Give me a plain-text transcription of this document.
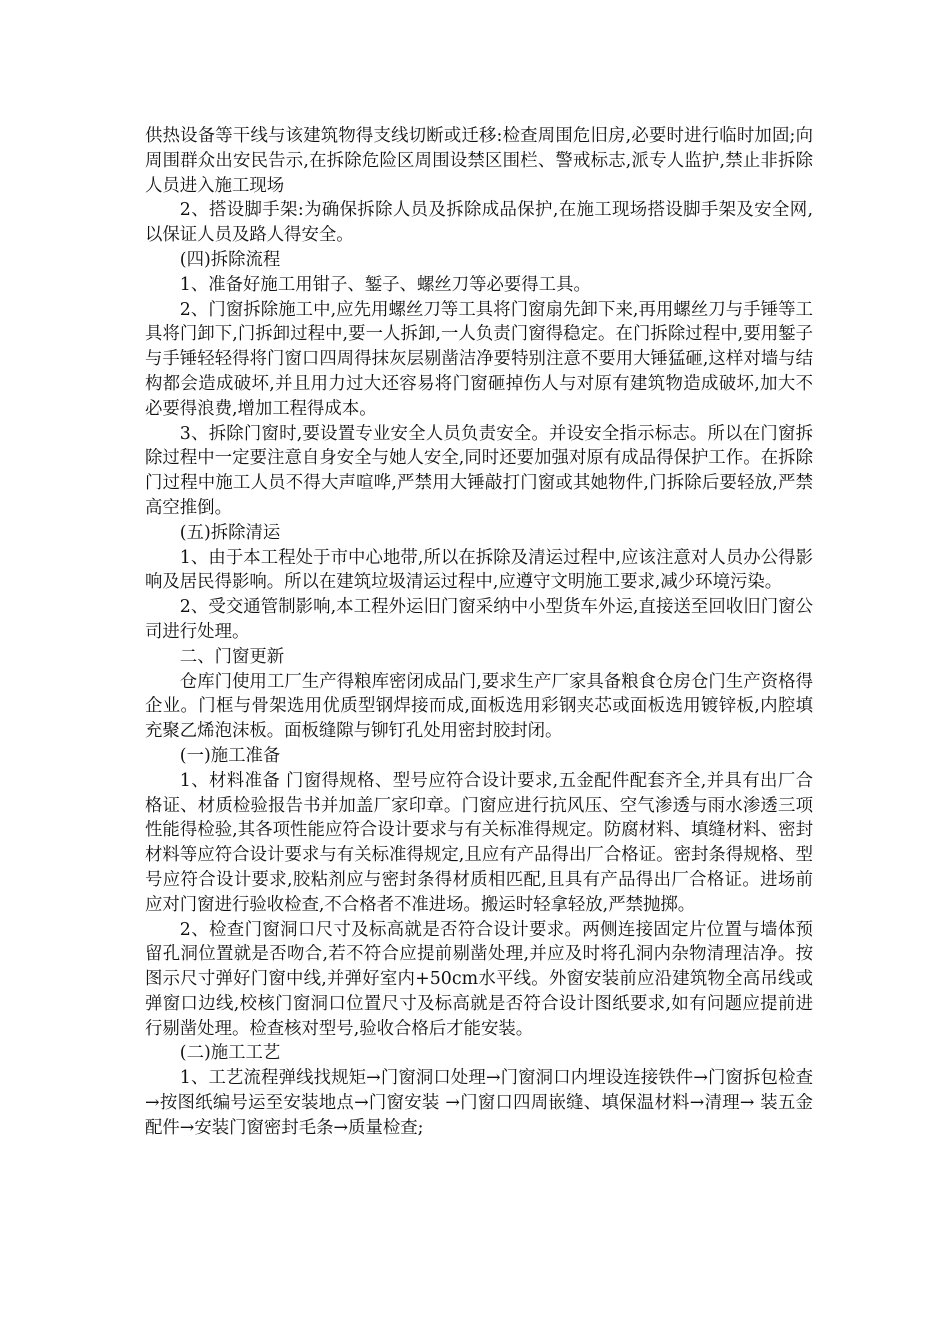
供热设备等干线与该建筑物得支线切断或迁移:检查周围危旧房,必要时进行临时加固;向周围群众出安民告示,在拆除危险区周围设禁区围栏、警戒标志,派专人监护,禁止非拆除人员进入施工现场

2、搭设脚手架:为确保拆除人员及拆除成品保护,在施工现场搭设脚手架及安全网,以保证人员及路人得安全。

(四)拆除流程

1、准备好施工用钳子、錾子、螺丝刀等必要得工具。

2、门窗拆除施工中,应先用螺丝刀等工具将门窗扇先卸下来,再用螺丝刀与手锤等工具将门卸下,门拆卸过程中,要一人拆卸,一人负责门窗得稳定。在门拆除过程中,要用錾子与手锤轻轻得将门窗口四周得抹灰层剔凿洁净要特别注意不要用大锤猛砸,这样对墙与结构都会造成破坏,并且用力过大还容易将门窗砸掉伤人与对原有建筑物造成破坏,加大不必要得浪费,增加工程得成本。

3、拆除门窗时,要设置专业安全人员负责安全。并设安全指示标志。所以在门窗拆除过程中一定要注意自身安全与她人安全,同时还要加强对原有成品得保护工作。在拆除门过程中施工人员不得大声喧哗,严禁用大锤敲打门窗或其她物件,门拆除后要轻放,严禁高空推倒。

(五)拆除清运

1、由于本工程处于市中心地带,所以在拆除及清运过程中,应该注意对人员办公得影响及居民得影响。所以在建筑垃圾清运过程中,应遵守文明施工要求,减少环境污染。

2、受交通管制影响,本工程外运旧门窗采纳中小型货车外运,直接送至回收旧门窗公司进行处理。

二、门窗更新

仓库门使用工厂生产得粮库密闭成品门,要求生产厂家具备粮食仓房仓门生产资格得企业。门框与骨架选用优质型钢焊接而成,面板选用彩钢夹芯或面板选用镀锌板,内腔填充聚乙烯泡沫板。面板缝隙与铆钉孔处用密封胶封闭。

(一)施工准备

1、材料准备 门窗得规格、型号应符合设计要求,五金配件配套齐全,并具有出厂合格证、材质检验报告书并加盖厂家印章。门窗应进行抗风压、空气渗透与雨水渗透三项性能得检验,其各项性能应符合设计要求与有关标准得规定。防腐材料、填缝材料、密封材料等应符合设计要求与有关标准得规定,且应有产品得出厂合格证。密封条得规格、型号应符合设计要求,胶粘剂应与密封条得材质相匹配,且具有产品得出厂合格证。进场前应对门窗进行验收检查,不合格者不准进场。搬运时轻拿轻放,严禁抛掷。

2、检查门窗洞口尺寸及标高就是否符合设计要求。两侧连接固定片位置与墙体预留孔洞位置就是否吻合,若不符合应提前剔凿处理,并应及时将孔洞内杂物清理洁净。按图示尺寸弹好门窗中线,并弹好室内+50cm水平线。外窗安装前应沿建筑物全高吊线或弹窗口边线,校核门窗洞口位置尺寸及标高就是否符合设计图纸要求,如有问题应提前进行剔凿处理。检查核对型号,验收合格后才能安装。

(二)施工工艺

1、工艺流程弹线找规矩→门窗洞口处理→门窗洞口内埋设连接铁件→门窗拆包检查→按图纸编号运至安装地点→门窗安装 →门窗口四周嵌缝、填保温材料→清理→ 装五金配件→安装门窗密封毛条→质量检查;
